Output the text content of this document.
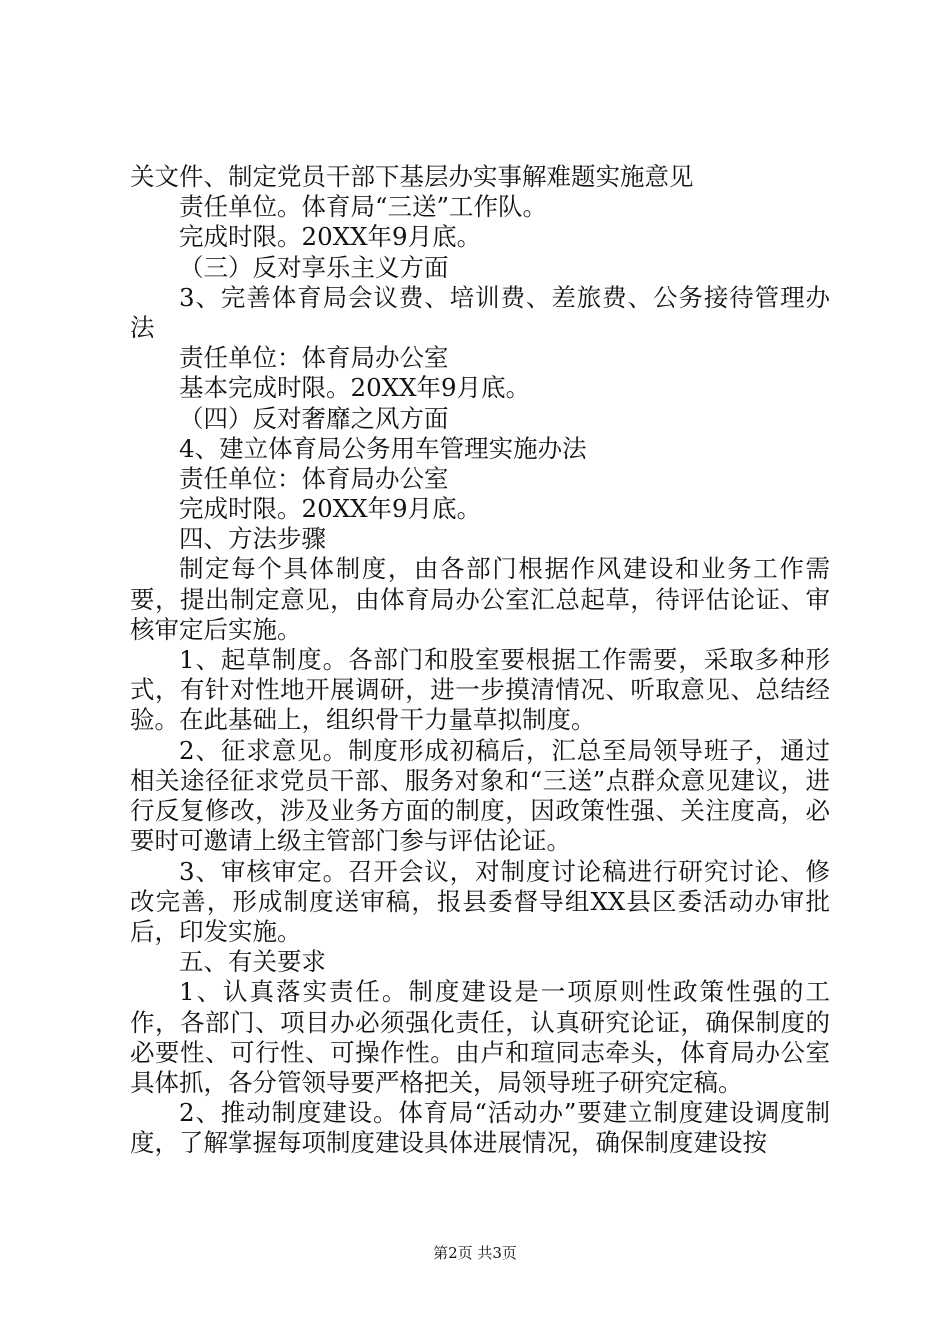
关文件、制定党员干部下基层办实事解难题实施意见
责任单位。体育局“三送”工作队。
完成时限。20XX年9月底。
（三）反对享乐主义方面
3、完善体育局会议费、培训费、差旅费、公务接待管理办法
责任单位：体育局办公室
基本完成时限。20XX年9月底。
（四）反对奢靡之风方面
4、建立体育局公务用车管理实施办法
责任单位：体育局办公室
完成时限。20XX年9月底。
四、方法步骤
制定每个具体制度，由各部门根据作风建设和业务工作需要，提出制定意见，由体育局办公室汇总起草，待评估论证、审核审定后实施。
1、起草制度。各部门和股室要根据工作需要，采取多种形式，有针对性地开展调研，进一步摸清情况、听取意见、总结经验。在此基础上，组织骨干力量草拟制度。
2、征求意见。制度形成初稿后，汇总至局领导班子，通过相关途径征求党员干部、服务对象和“三送”点群众意见建议，进行反复修改，涉及业务方面的制度，因政策性强、关注度高，必要时可邀请上级主管部门参与评估论证。
3、审核审定。召开会议，对制度讨论稿进行研究讨论、修改完善，形成制度送审稿，报县委督导组XX县区委活动办审批后，印发实施。
五、有关要求
1、认真落实责任。制度建设是一项原则性政策性强的工作，各部门、项目办必须强化责任，认真研究论证，确保制度的必要性、可行性、可操作性。由卢和瑄同志牵头，体育局办公室具体抓，各分管领导要严格把关，局领导班子研究定稿。
2、推动制度建设。体育局“活动办”要建立制度建设调度制度，了解掌握每项制度建设具体进展情况，确保制度建设按
第2页 共3页
